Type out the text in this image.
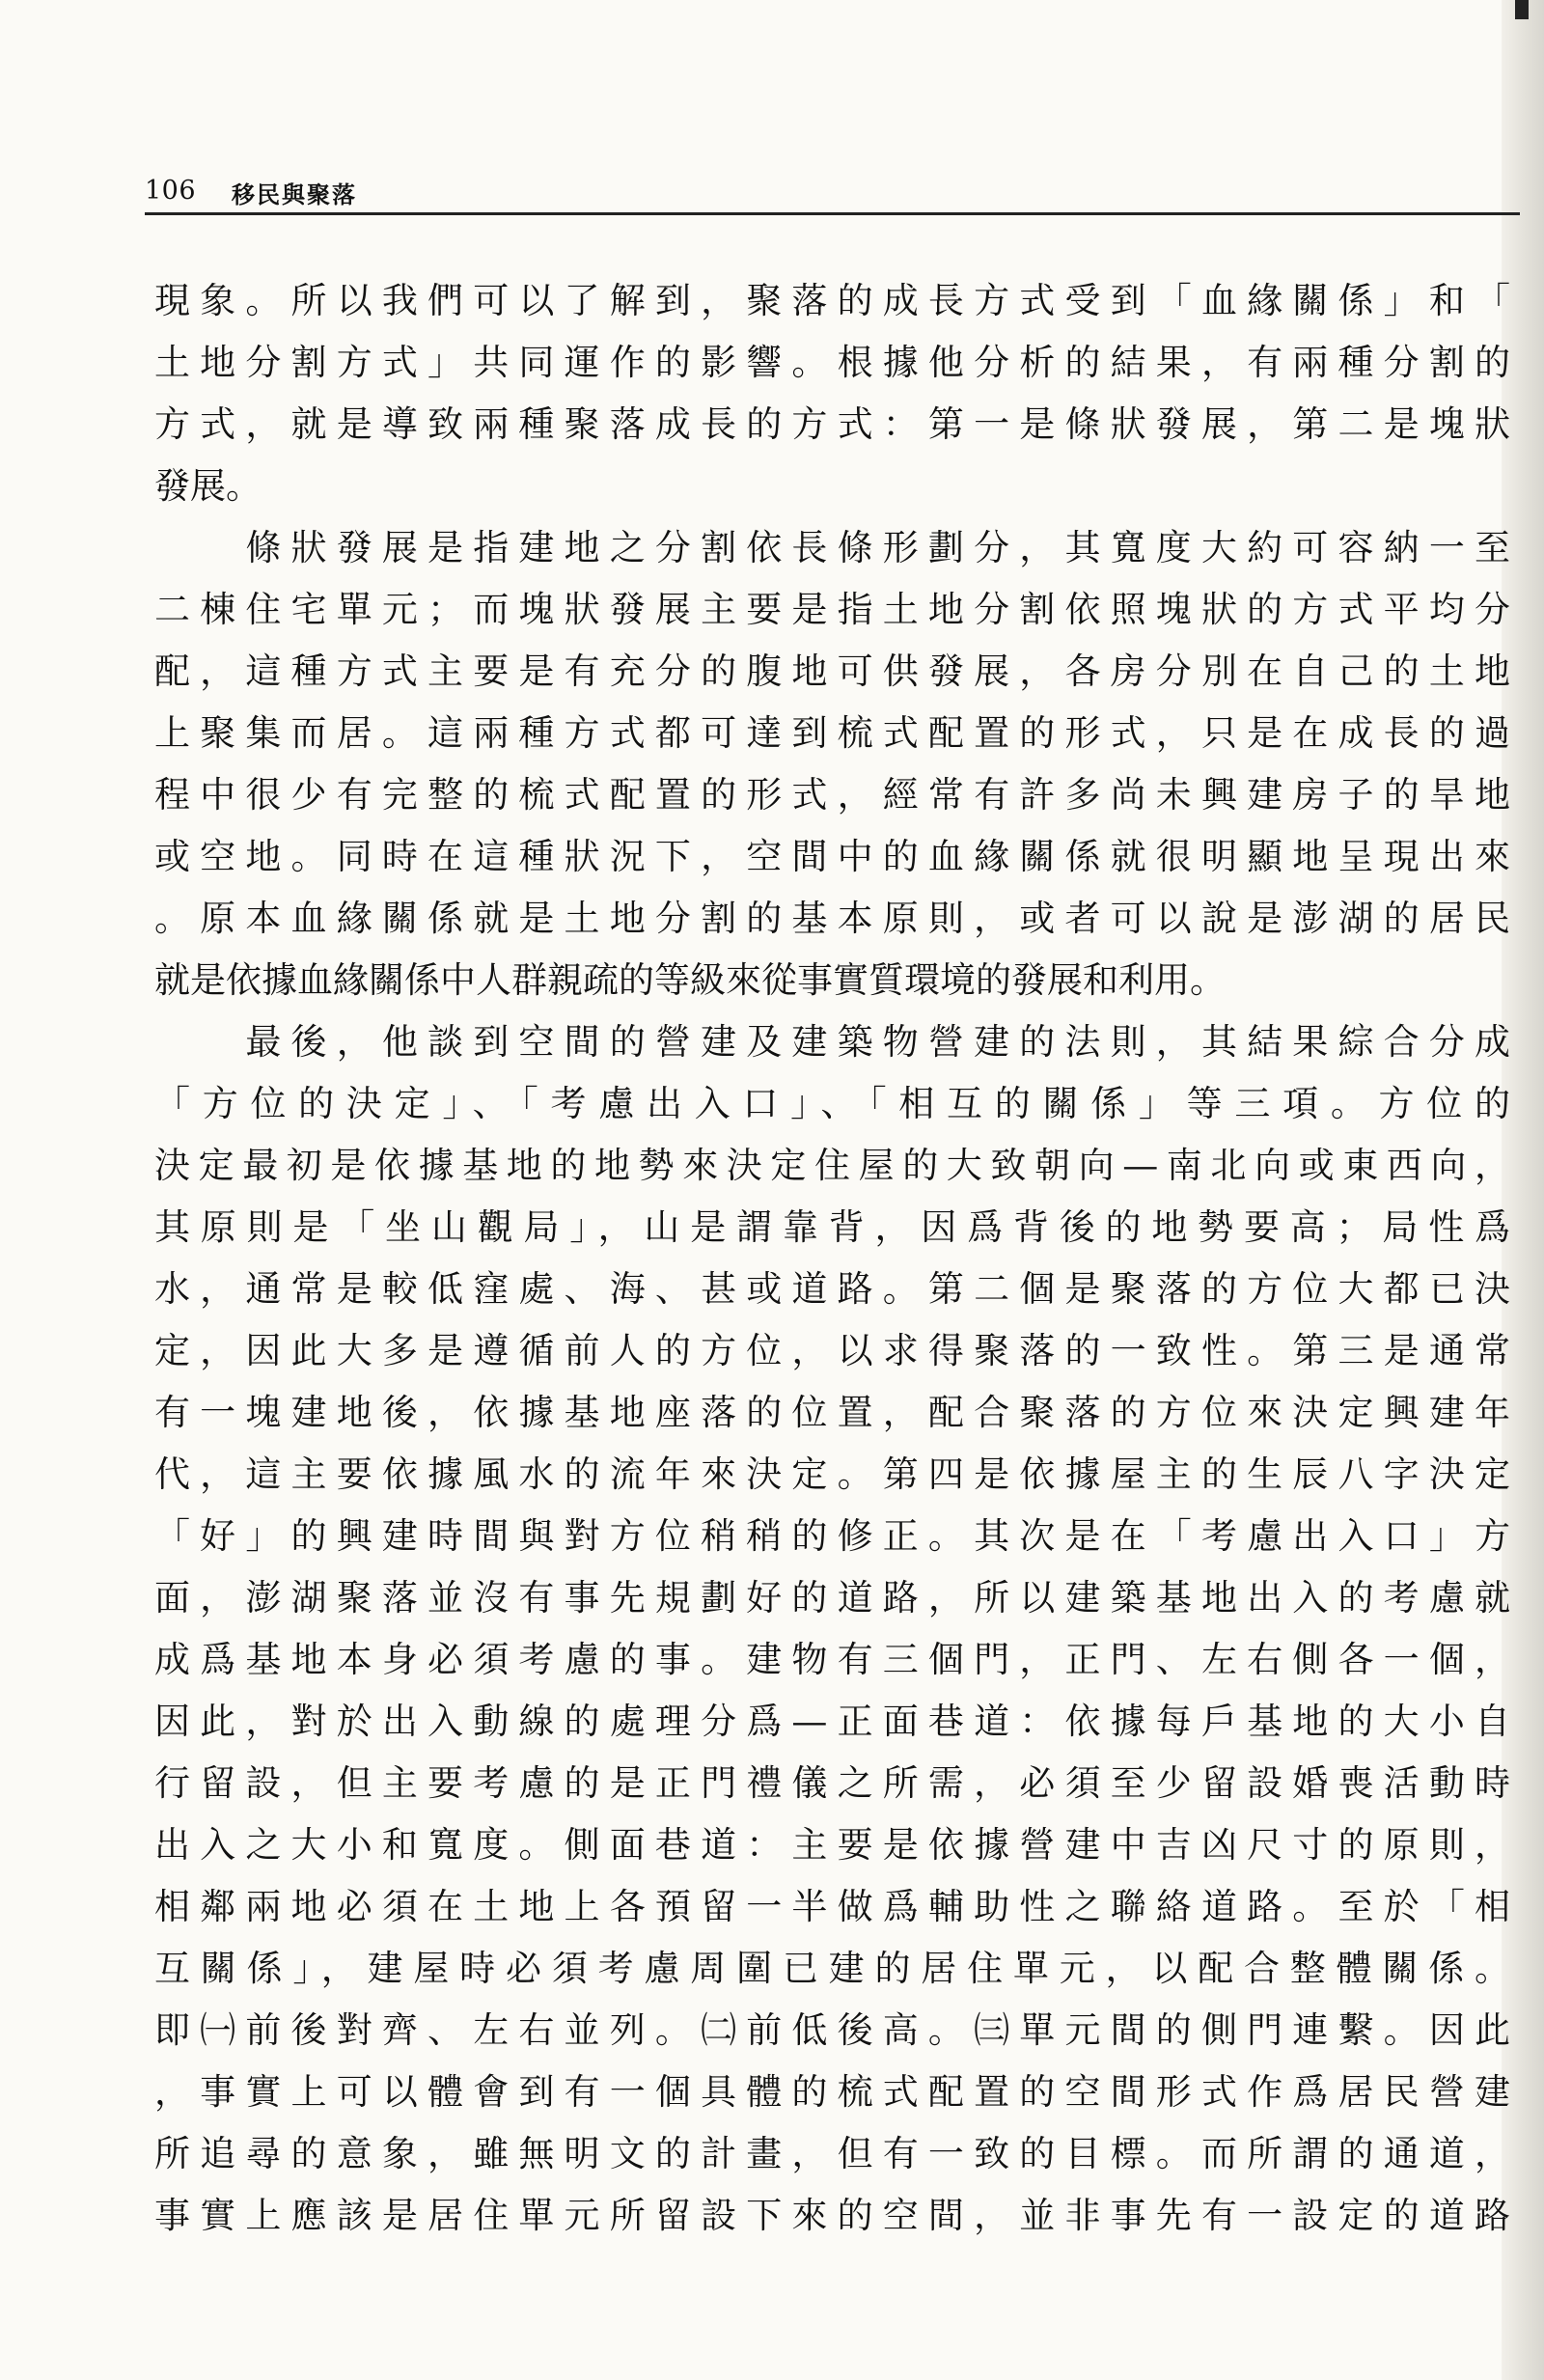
106 移民與聚落
現象。所以我們可以了解到，聚落的成長方式受到「血緣關係」和「
土地分割方式」共同運作的影響。根據他分析的結果，有兩種分割的
方式，就是導致兩種聚落成長的方式：第一是條狀發展，第二是塊狀
發展。
　　條狀發展是指建地之分割依長條形劃分，其寬度大約可容納一至
二棟住宅單元；而塊狀發展主要是指土地分割依照塊狀的方式平均分
配，這種方式主要是有充分的腹地可供發展，各房分別在自己的土地
上聚集而居。這兩種方式都可達到梳式配置的形式，只是在成長的過
程中很少有完整的梳式配置的形式，經常有許多尚未興建房子的旱地
或空地。同時在這種狀況下，空間中的血緣關係就很明顯地呈現出來
。原本血緣關係就是土地分割的基本原則，或者可以說是澎湖的居民
就是依據血緣關係中人群親疏的等級來從事實質環境的發展和利用。
　　最後，他談到空間的營建及建築物營建的法則，其結果綜合分成
「方位的決定」、「考慮出入口」、「相互的關係」等三項。方位的
決定最初是依據基地的地勢來決定住屋的大致朝向—南北向或東西向，
其原則是「坐山觀局」，山是謂靠背，因爲背後的地勢要高；局性爲
水，通常是較低窪處、海、甚或道路。第二個是聚落的方位大都已決
定，因此大多是遵循前人的方位，以求得聚落的一致性。第三是通常
有一塊建地後，依據基地座落的位置，配合聚落的方位來決定興建年
代，這主要依據風水的流年來決定。第四是依據屋主的生辰八字決定
「好」的興建時間與對方位稍稍的修正。其次是在「考慮出入口」方
面，澎湖聚落並沒有事先規劃好的道路，所以建築基地出入的考慮就
成爲基地本身必須考慮的事。建物有三個門，正門、左右側各一個，
因此，對於出入動線的處理分爲—正面巷道：依據每戶基地的大小自
行留設，但主要考慮的是正門禮儀之所需，必須至少留設婚喪活動時
出入之大小和寬度。側面巷道：主要是依據營建中吉凶尺寸的原則，
相鄰兩地必須在土地上各預留一半做爲輔助性之聯絡道路。至於「相
互關係」，建屋時必須考慮周圍已建的居住單元，以配合整體關係。
即㈠前後對齊、左右並列。㈡前低後高。㈢單元間的側門連繫。因此
，事實上可以體會到有一個具體的梳式配置的空間形式作爲居民營建
所追尋的意象，雖無明文的計畫，但有一致的目標。而所謂的通道，
事實上應該是居住單元所留設下來的空間，並非事先有一設定的道路
